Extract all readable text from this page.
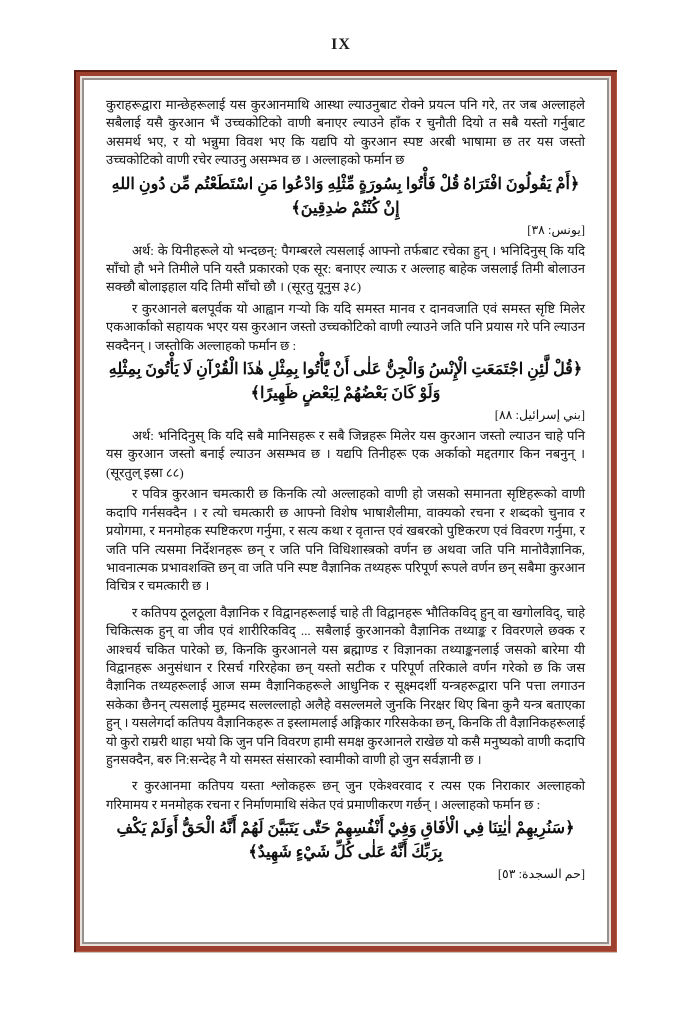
IX

कुराहरूद्वारा मान्छेहरूलाई यस कुरआनमाथि आस्था ल्याउनुबाट रोक्ने प्रयत्न पनि गरे, तर जब अल्लाहले सबैलाई यसै कुरआन भैं उच्चकोटिको वाणी बनाएर ल्याउने हाँक र चुनौती दियो त सबै यस्तो गर्नुबाट असमर्थ भए, र यो भन्नुमा विवश भए कि यद्यपि यो कुरआन स्पष्ट अरबी भाषामा छ तर यस जस्तो उच्चकोटिको वाणी रचेर ल्याउनु असम्भव छ । अल्लाहको फर्मान छ

﴿أَمْ يَقُولُونَ افْتَرَاهُ قُلْ فَأْتُوا بِسُورَةٍ مِّثْلِهِ وَادْعُوا مَنِ اسْتَطَعْتُم مِّن دُونِ اللهِ إِنْ كُنْتُمْ صٰدِقِينَ﴾
[يونس: ٣٨]

अर्थ: के यिनीहरूले यो भन्दछन्: पैगम्बरले त्यसलाई आफ्नो तर्फबाट रचेका हुन् । भनिदिनुस् कि यदि साँचो हौ भने तिमीले पनि यस्तै प्रकारको एक सूर: बनाएर ल्याऊ र अल्लाह बाहेक जसलाई तिमी बोलाउन सक्छौ बोलाइहाल यदि तिमी साँचो छौ । (सूरतु यूनुस ३८)

र कुरआनले बलपूर्वक यो आह्वान गऱ्यो कि यदि समस्त मानव र दानवजाति एवं समस्त सृष्टि मिलेर एकआर्काको सहायक भएर यस कुरआन जस्तो उच्चकोटिको वाणी ल्याउने जति पनि प्रयास गरे पनि ल्याउन सक्दैनन् । जस्तोकि अल्लाहको फर्मान छ :

﴿قُلْ لَّئِنِ اجْتَمَعَتِ الْإِنْسُ وَالْجِنُّ عَلٰى أَنْ يَّأْتُوا بِمِثْلِ هٰذَا الْقُرْآنِ لَا يَأْتُونَ بِمِثْلِهِ وَلَوْ كَانَ بَعْضُهُمْ لِبَعْضٍ ظَهِيرًا﴾
[بني إسرائيل: ٨٨]

अर्थ: भनिदिनुस् कि यदि सबै मानिसहरू र सबै जिन्नहरू मिलेर यस कुरआन जस्तो ल्याउन चाहे पनि यस कुरआन जस्तो बनाई ल्याउन असम्भव छ । यद्यपि तिनीहरू एक अर्काको मद्दतगार किन नबनुन् । (सूरतुल् इस्रा ८८)

र पवित्र कुरआन चमत्कारी छ किनकि त्यो अल्लाहको वाणी हो जसको समानता सृष्टिहरूको वाणी कदापि गर्नसक्दैन । र त्यो चमत्कारी छ आफ्नो विशेष भाषाशैलीमा, वाक्यको रचना र शब्दको चुनाव र प्रयोगमा, र मनमोहक स्पष्टिकरण गर्नुमा, र सत्य कथा र वृतान्त एवं खबरको पुष्टिकरण एवं विवरण गर्नुमा, र जति पनि त्यसमा निर्देशनहरू छन् र जति पनि विधिशास्त्रको वर्णन छ अथवा जति पनि मानोवैज्ञानिक, भावनात्मक प्रभावशक्ति छन् वा जति पनि स्पष्ट वैज्ञानिक तथ्यहरू परिपूर्ण रूपले वर्णन छन् सबैमा कुरआन विचित्र र चमत्कारी छ ।

र कतिपय ठूलठूला वैज्ञानिक र विद्वानहरूलाई चाहे ती विद्वानहरू भौतिकविद् हुन् वा खगोलविद्, चाहे चिकित्सक हुन् वा जीव एवं शारीरिकविद् ... सबैलाई कुरआनको वैज्ञानिक तथ्याङ्क र विवरणले छक्क र आश्चर्य चकित पारेको छ, किनकि कुरआनले यस ब्रह्माण्ड र विज्ञानका तथ्याङ्कनलाई जसको बारेमा यी विद्वानहरू अनुसंधान र रिसर्च गरिरहेका छन् यस्तो सटीक र परिपूर्ण तरिकाले वर्णन गरेको छ कि जस वैज्ञानिक तथ्यहरूलाई आज सम्म वैज्ञानिकहरूले आधुनिक र सूक्ष्मदर्शी यन्त्रहरूद्वारा पनि पत्ता लगाउन सकेका छैनन् त्यसलाई मुहम्मद सल्लल्लाहो अलैहे वसल्लमले जुनकि निरक्षर थिए बिना कुनै यन्त्र बताएका हुन् । यसलेगर्दा कतिपय वैज्ञानिकहरू त इस्लामलाई अङ्गिकार गरिसकेका छन्, किनकि ती वैज्ञानिकहरूलाई यो कुरो राम्ररी थाहा भयो कि जुन पनि विवरण हामी समक्ष कुरआनले राखेछ यो कसै मनुष्यको वाणी कदापि हुनसक्दैन, बरु नि:सन्देह नै यो समस्त संसारको स्वामीको वाणी हो जुन सर्वज्ञानी छ ।

र कुरआनमा कतिपय यस्ता श्लोकहरू छन् जुन एकेश्वरवाद र त्यस एक निराकार अल्लाहको गरिमामय र मनमोहक रचना र निर्माणमाथि संकेत एवं प्रमाणीकरण गर्छन् । अल्लाहको फर्मान छ :

﴿سَنُرِيهِمْ اٰيٰتِنَا فِي الْاٰفَاقِ وَفِيْ أَنْفُسِهِمْ حَتّٰى يَتَبَيَّنَ لَهُمْ أَنَّهُ الْحَقُّ أَوَلَمْ يَكْفِ بِرَبِّكَ أَنَّهُ عَلٰى كُلِّ شَيْءٍ شَهِيدٌ﴾
[حم السجدة: ٥٣]
